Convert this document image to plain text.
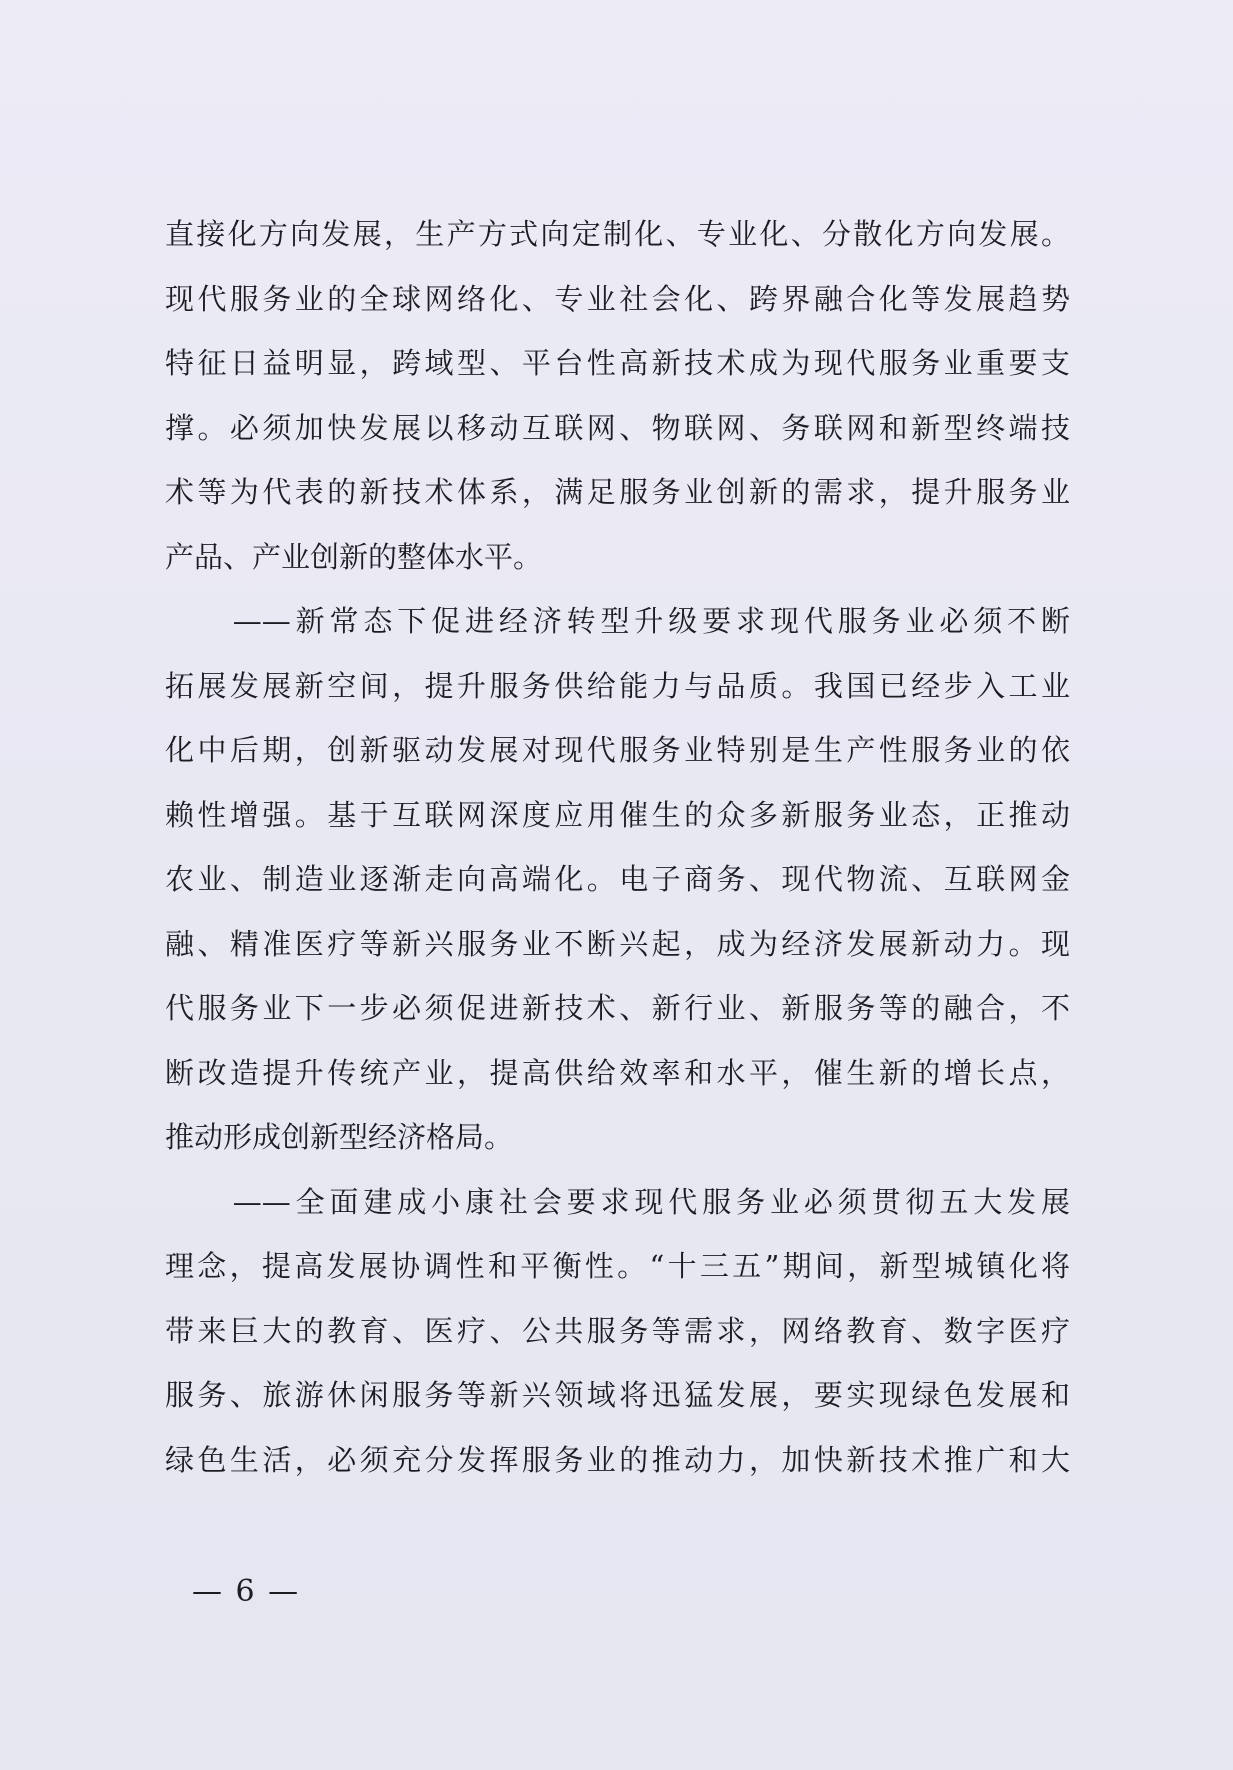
直接化方向发展，生产方式向定制化、专业化、分散化方向发展。
现代服务业的全球网络化、专业社会化、跨界融合化等发展趋势
特征日益明显，跨域型、平台性高新技术成为现代服务业重要支
撑。必须加快发展以移动互联网、物联网、务联网和新型终端技
术等为代表的新技术体系，满足服务业创新的需求，提升服务业
产品、产业创新的整体水平。
　　——新常态下促进经济转型升级要求现代服务业必须不断
拓展发展新空间，提升服务供给能力与品质。我国已经步入工业
化中后期，创新驱动发展对现代服务业特别是生产性服务业的依
赖性增强。基于互联网深度应用催生的众多新服务业态，正推动
农业、制造业逐渐走向高端化。电子商务、现代物流、互联网金
融、精准医疗等新兴服务业不断兴起，成为经济发展新动力。现
代服务业下一步必须促进新技术、新行业、新服务等的融合，不
断改造提升传统产业，提高供给效率和水平，催生新的增长点，
推动形成创新型经济格局。
　　——全面建成小康社会要求现代服务业必须贯彻五大发展
理念，提高发展协调性和平衡性。“十三五”期间，新型城镇化将
带来巨大的教育、医疗、公共服务等需求，网络教育、数字医疗
服务、旅游休闲服务等新兴领域将迅猛发展，要实现绿色发展和
绿色生活，必须充分发挥服务业的推动力，加快新技术推广和大
— 6 —
